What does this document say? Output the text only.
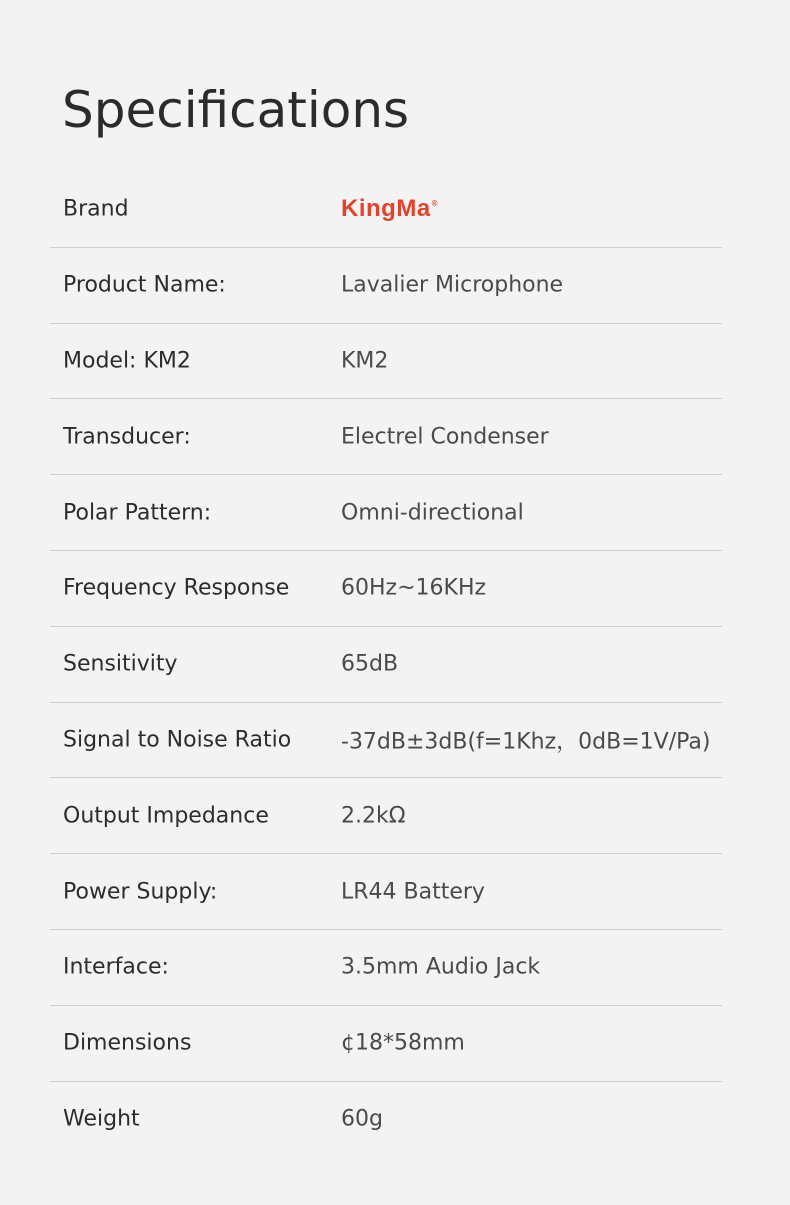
Specifications
Brand	KingMa®
Product Name:	Lavalier Microphone
Model: KM2	KM2
Transducer:	Electrel Condenser
Polar Pattern:	Omni-directional
Frequency Response 60Hz~16KHz
Sensitivity	65dB
Signal to Noise Ratio -37dB±3dB(f=1Khz，0dB=1V/Pa)
Output Impedance	2.2kΩ
Power Supply:	LR44 Battery
Interface:	3.5mm Audio Jack
Dimensions	¢18*58mm
Weight	60g
